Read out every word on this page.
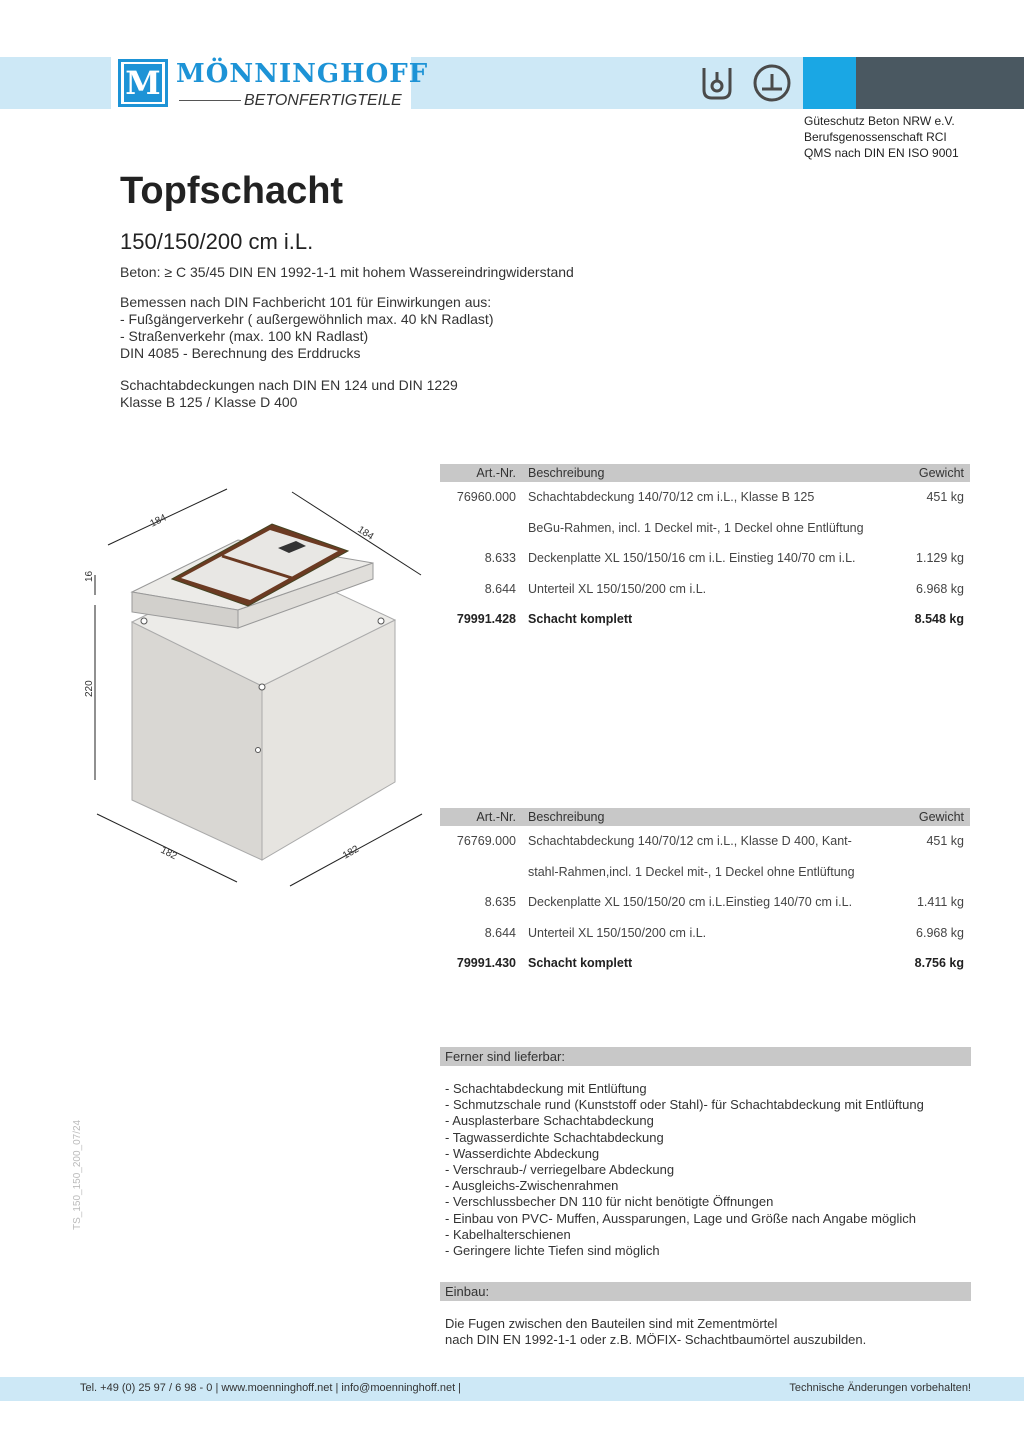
M MÖNNINGHOFF
BETONFERTIGTEILE
Güteschutz Beton NRW e.V.
Berufsgenossenschaft RCI
QMS nach DIN EN ISO 9001
Topfschacht
150/150/200 cm i.L.
Beton: ≥ C 35/45 DIN EN 1992-1-1 mit hohem Wassereindringwiderstand
Bemessen nach DIN Fachbericht 101 für Einwirkungen aus:
- Fußgängerverkehr ( außergewöhnlich max. 40 kN Radlast)
- Straßenverkehr (max. 100 kN Radlast)
DIN 4085 - Berechnung des Erddrucks
Schachtabdeckungen nach DIN EN 124 und DIN 1229
Klasse B 125 / Klasse D 400
184
184
16
220
182	182
Art.-Nr.	Beschreibung	Gewicht
76960.000	Schachtabdeckung 140/70/12 cm i.L., Klasse B 125	451 kg
	BeGu-Rahmen, incl. 1 Deckel mit-, 1 Deckel ohne Entlüftung	
8.633	Deckenplatte XL 150/150/16 cm i.L. Einstieg 140/70 cm i.L.	1.129 kg
8.644	Unterteil XL 150/150/200 cm i.L.	6.968 kg
79991.428	Schacht komplett	8.548 kg
Art.-Nr.	Beschreibung	Gewicht
76769.000	Schachtabdeckung 140/70/12 cm i.L., Klasse D 400, Kant-	451 kg
	stahl-Rahmen,incl. 1 Deckel mit-, 1 Deckel ohne Entlüftung	
8.635	Deckenplatte XL 150/150/20 cm i.L.Einstieg 140/70 cm i.L.	1.411 kg
8.644	Unterteil XL 150/150/200 cm i.L.	6.968 kg
79991.430	Schacht komplett	8.756 kg
Ferner sind lieferbar:
- Schachtabdeckung mit Entlüftung
- Schmutzschale rund (Kunststoff oder Stahl)- für Schachtabdeckung mit Entlüftung
- Ausplasterbare Schachtabdeckung
- Tagwasserdichte Schachtabdeckung
- Wasserdichte Abdeckung
- Verschraub-/ verriegelbare Abdeckung
- Ausgleichs-Zwischenrahmen
- Verschlussbecher DN 110 für nicht benötigte Öffnungen
- Einbau von PVC- Muffen, Aussparungen, Lage und Größe nach Angabe möglich
- Kabelhalterschienen
- Geringere lichte Tiefen sind möglich
Einbau:
Die Fugen zwischen den Bauteilen sind mit Zementmörtel
nach DIN EN 1992-1-1 oder z.B. MÖFIX- Schachtbaumörtel auszubilden.
TS_150_150_200_07/24
Tel. +49 (0) 25 97 / 6 98 - 0 | www.moenninghoff.net | info@moenninghoff.net |	Technische Änderungen vorbehalten!
